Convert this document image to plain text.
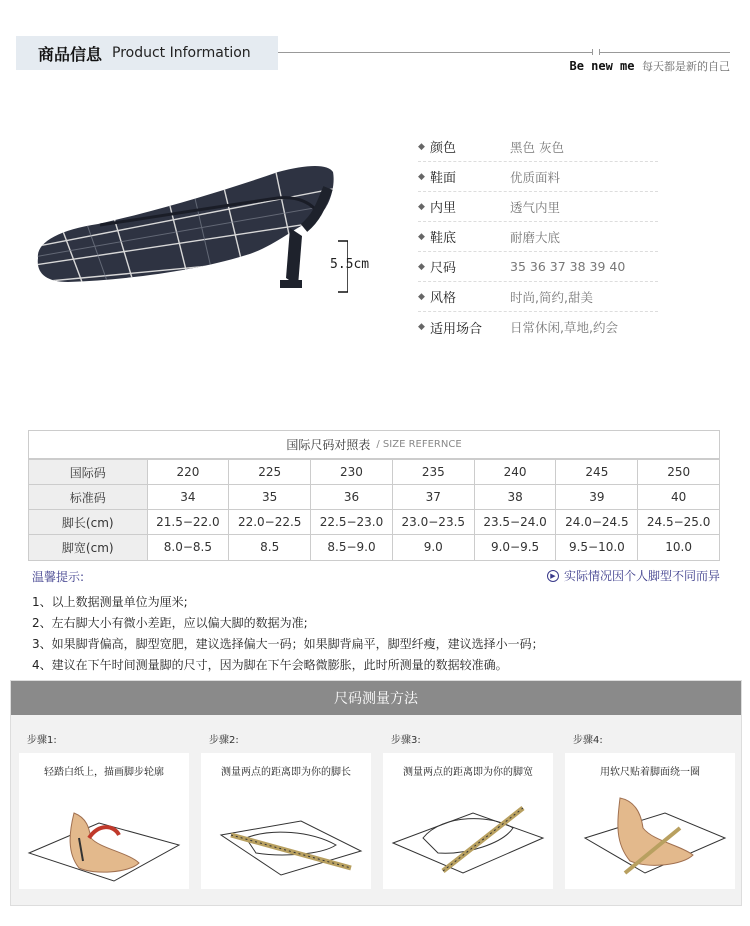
商品信息 Product Information
Be new me 每天都是新的自己
5.5cm
◆ 颜色	黑色 灰色
◆ 鞋面	优质面料
◆ 内里	透气内里
◆ 鞋底	耐磨大底
◆ 尺码	35 36 37 38 39 40
◆ 风格	时尚,简约,甜美
◆ 适用场合	日常休闲,草地,约会
国际尺码对照表 / SIZE REFERNCE
国际码	220	225	230	235	240	245	250
标准码	34	35	36	37	38	39	40
脚长(cm)	21.5−22.0	22.0−22.5	22.5−23.0	23.0−23.5	23.5−24.0	24.0−24.5	24.5−25.0
脚宽(cm)	8.0−8.5	8.5	8.5−9.0	9.0	9.0−9.5	9.5−10.0	10.0
温馨提示:	▶ 实际情况因个人脚型不同而异
1、以上数据测量单位为厘米;
2、左右脚大小有微小差距，应以偏大脚的数据为准;
3、如果脚背偏高，脚型宽肥，建议选择偏大一码；如果脚背扁平，脚型纤瘦，建议选择小一码；
4、建议在下午时间测量脚的尺寸，因为脚在下午会略微膨胀，此时所测量的数据较准确。
尺码测量方法
步骤1:
轻踏白纸上，描画脚步轮廓
步骤2:
测量两点的距离即为你的脚长
步骤3:
测量两点的距离即为你的脚宽
步骤4:
用软尺贴着脚面绕一圈
